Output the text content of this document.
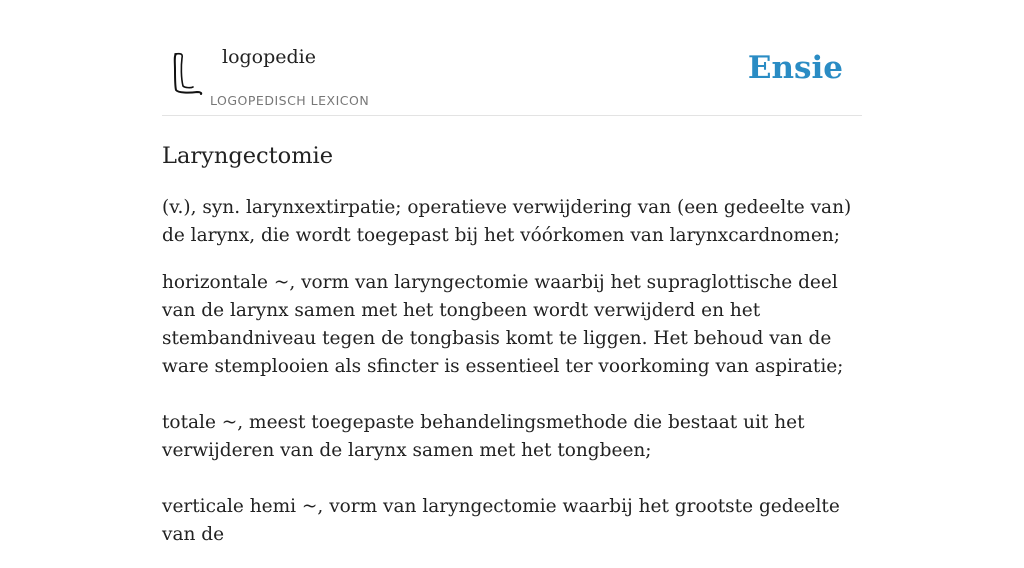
logopedie
LOGOPEDISCH LEXICON
Ensie
Laryngectomie

(v.), syn. larynxextirpatie; operatieve verwijdering van (een gedeelte van) de larynx, die wordt toegepast bij het vóórkomen van larynxcardnomen;

horizontale ~, vorm van laryngectomie waarbij het supraglottische deel van de larynx samen met het tongbeen wordt verwijderd en het stembandniveau tegen de tongbasis komt te liggen. Het behoud van de ware stemplooien als sfincter is essentieel ter voorkoming van aspiratie;

totale ~, meest toegepaste behandelingsmethode die bestaat uit het verwijderen van de larynx samen met het tongbeen;

verticale hemi ~, vorm van laryngectomie waarbij het grootste gedeelte van de
